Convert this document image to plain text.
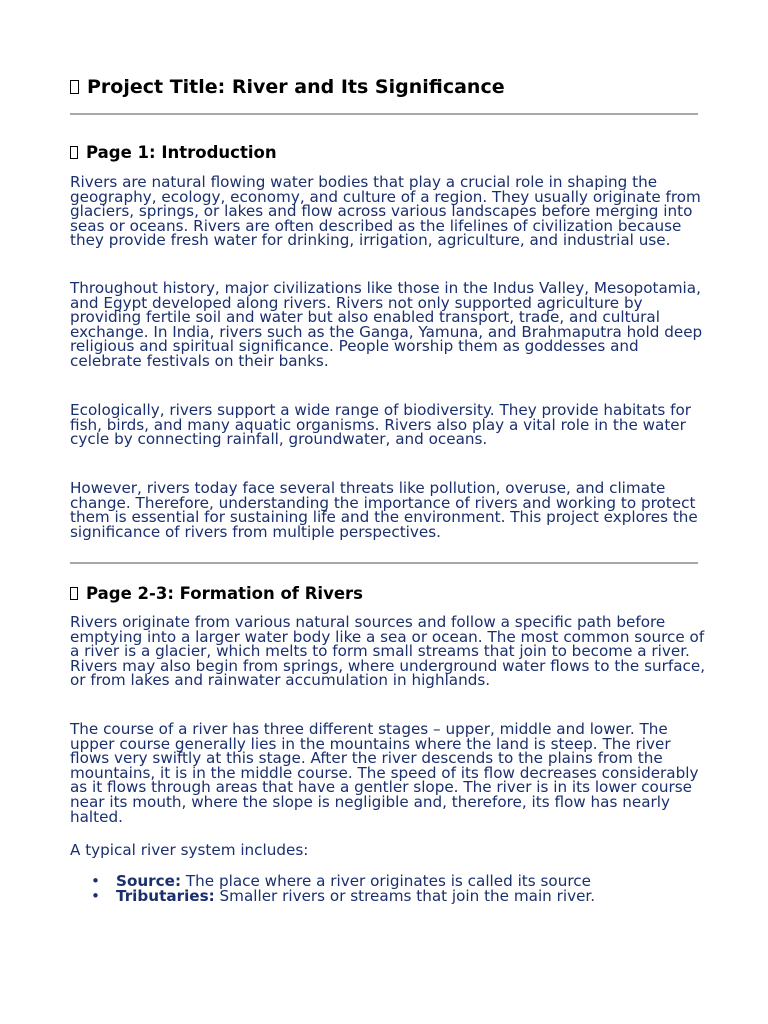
Project Title: River and Its Significance
Page 1: Introduction

Rivers are natural flowing water bodies that play a crucial role in shaping the geography, ecology, economy, and culture of a region. They usually originate from glaciers, springs, or lakes and flow across various landscapes before merging into seas or oceans. Rivers are often described as the lifelines of civilization because they provide fresh water for drinking, irrigation, agriculture, and industrial use.

Throughout history, major civilizations like those in the Indus Valley, Mesopotamia, and Egypt developed along rivers. Rivers not only supported agriculture by providing fertile soil and water but also enabled transport, trade, and cultural exchange. In India, rivers such as the Ganga, Yamuna, and Brahmaputra hold deep religious and spiritual significance. People worship them as goddesses and celebrate festivals on their banks.

Ecologically, rivers support a wide range of biodiversity. They provide habitats for fish, birds, and many aquatic organisms. Rivers also play a vital role in the water cycle by connecting rainfall, groundwater, and oceans.

However, rivers today face several threats like pollution, overuse, and climate change. Therefore, understanding the importance of rivers and working to protect them is essential for sustaining life and the environment. This project explores the significance of rivers from multiple perspectives.

Page 2-3: Formation of Rivers

Rivers originate from various natural sources and follow a specific path before emptying into a larger water body like a sea or ocean. The most common source of a river is a glacier, which melts to form small streams that join to become a river. Rivers may also begin from springs, where underground water flows to the surface, or from lakes and rainwater accumulation in highlands.

The course of a river has three different stages – upper, middle and lower. The upper course generally lies in the mountains where the land is steep. The river flows very swiftly at this stage. After the river descends to the plains from the mountains, it is in the middle course. The speed of its flow decreases considerably as it flows through areas that have a gentler slope. The river is in its lower course near its mouth, where the slope is negligible and, therefore, its flow has nearly halted.

A typical river system includes:

• Source: The place where a river originates is called its source
• Tributaries: Smaller rivers or streams that join the main river.
